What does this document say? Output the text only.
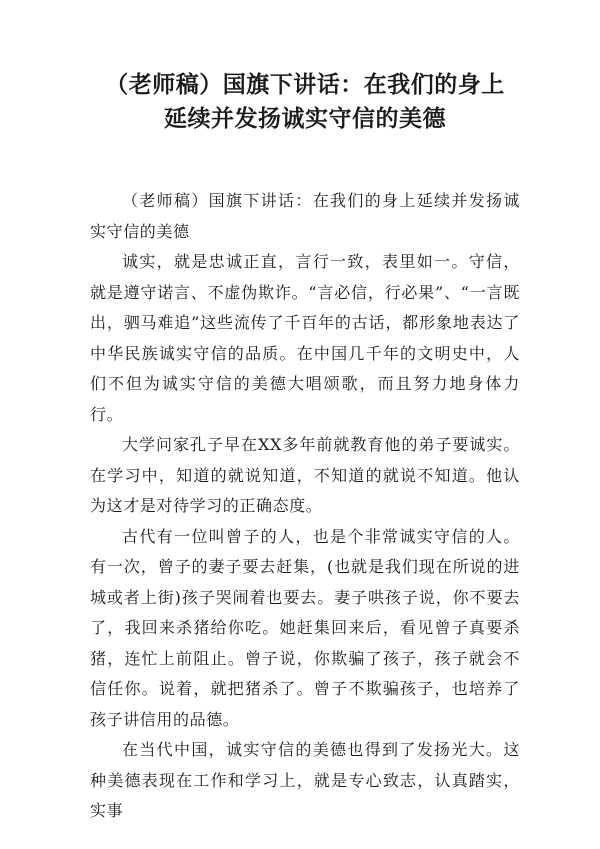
（老师稿）国旗下讲话：在我们的身上
延续并发扬诚实守信的美德

（老师稿）国旗下讲话：在我们的身上延续并发扬诚实守信的美德

诚实，就是忠诚正直，言行一致，表里如一。守信，就是遵守诺言、不虚伪欺诈。“言必信，行必果”、“一言既出，驷马难追”这些流传了千百年的古话，都形象地表达了中华民族诚实守信的品质。在中国几千年的文明史中，人们不但为诚实守信的美德大唱颂歌，而且努力地身体力行。

大学问家孔子早在XX多年前就教育他的弟子要诚实。在学习中，知道的就说知道，不知道的就说不知道。他认为这才是对待学习的正确态度。

古代有一位叫曾子的人，也是个非常诚实守信的人。有一次，曾子的妻子要去赶集，(也就是我们现在所说的进城或者上街)孩子哭闹着也要去。妻子哄孩子说，你不要去了，我回来杀猪给你吃。她赶集回来后，看见曾子真要杀猪，连忙上前阻止。曾子说，你欺骗了孩子，孩子就会不信任你。说着，就把猪杀了。曾子不欺骗孩子，也培养了孩子讲信用的品德。

在当代中国，诚实守信的美德也得到了发扬光大。这种美德表现在工作和学习上，就是专心致志，认真踏实，实事
